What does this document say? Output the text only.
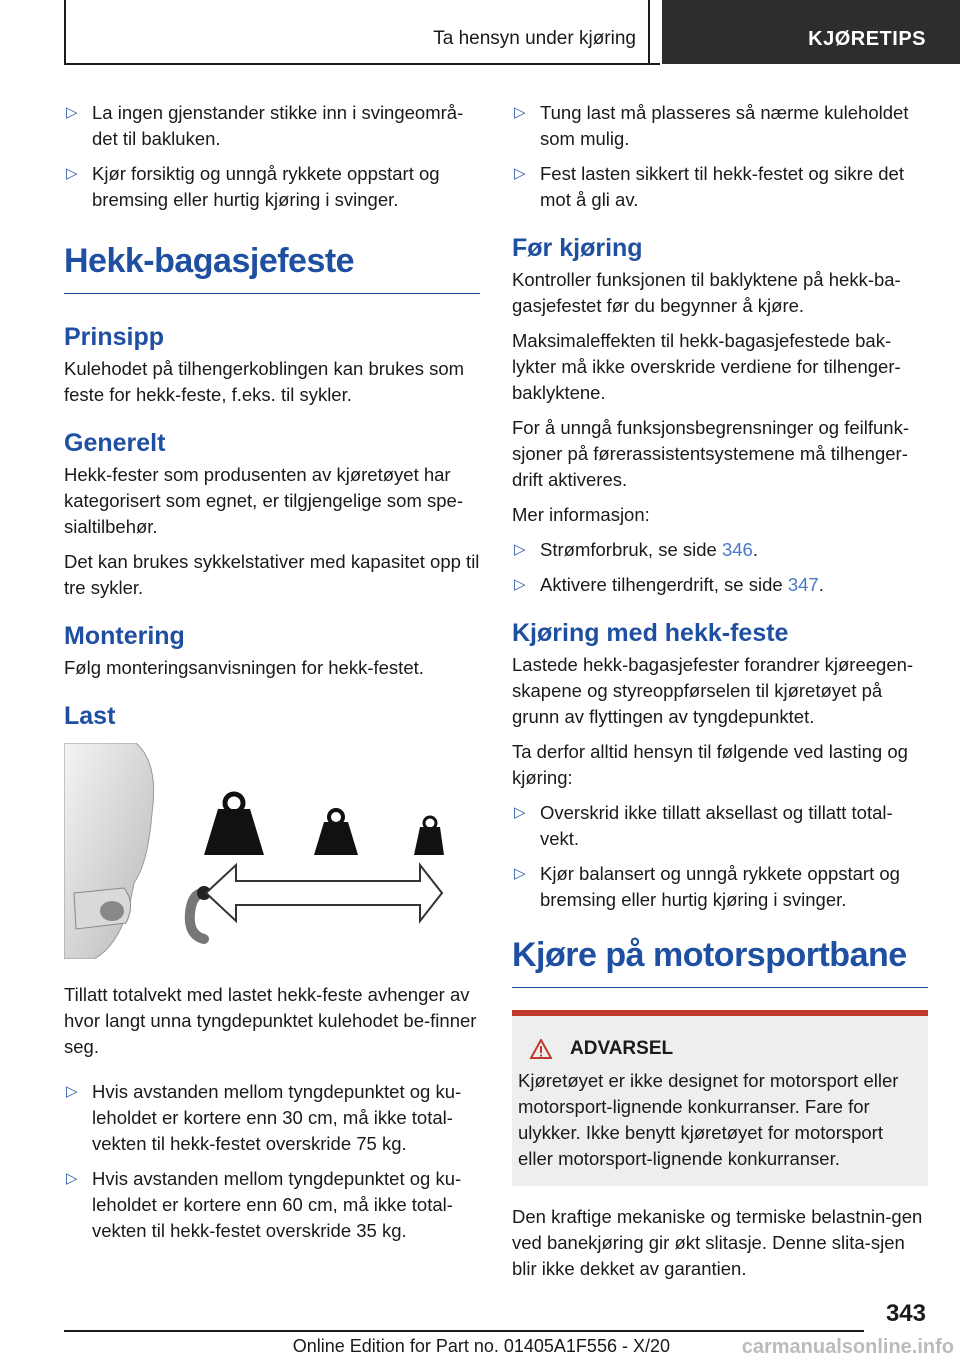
Ta hensyn under kjøring	KJØRETIPS
▷ La ingen gjenstander stikke inn i svingeområ-
det til bakluken.
▷ Kjør forsiktig og unngå rykkete oppstart og
bremsing eller hurtig kjøring i svinger.
Hekk-bagasjefeste
Prinsipp

Kulehodet på tilhengerkoblingen kan brukes som feste for hekk-feste, f.eks. til sykler.

Generelt

Hekk-fester som produsenten av kjøretøyet har kategorisert som egnet, er tilgjengelige som spe-sialtilbehør.

Det kan brukes sykkelstativer med kapasitet opp til tre sykler.

Montering

Følg monteringsanvisningen for hekk-festet.

Last

Tillatt totalvekt med lastet hekk-feste avhenger av hvor langt unna tyngdepunktet kulehodet be-finner seg.

▷ Hvis avstanden mellom tyngdepunktet og ku-leholdet er kortere enn 30 cm, må ikke total-vekten til hekk-festet overskride 75 kg.
▷ Hvis avstanden mellom tyngdepunktet og ku-leholdet er kortere enn 60 cm, må ikke total-vekten til hekk-festet overskride 35 kg.
▷ Tung last må plasseres så nærme kuleholdet som mulig.
▷ Fest lasten sikkert til hekk-festet og sikre det mot å gli av.
Før kjøring

Kontroller funksjonen til baklyktene på hekk-ba-gasjefestet før du begynner å kjøre.

Maksimaleffekten til hekk-bagasjefestede bak-lykter må ikke overskride verdiene for tilhenger-baklyktene.

For å unngå funksjonsbegrensninger og feilfunk-sjoner på førerassistentsystemene må tilhenger-drift aktiveres.

Mer informasjon:

▷ Strømforbruk, se side 346.
▷ Aktivere tilhengerdrift, se side 347.
Kjøring med hekk-feste

Lastede hekk-bagasjefester forandrer kjøreegen-skapene og styreoppførselen til kjøretøyet på grunn av flyttingen av tyngdepunktet.

Ta derfor alltid hensyn til følgende ved lasting og kjøring:

▷ Overskrid ikke tillatt aksellast og tillatt total-vekt.
▷ Kjør balansert og unngå rykkete oppstart og bremsing eller hurtig kjøring i svinger.
Kjøre på motorsportbane
ADVARSEL

Kjøretøyet er ikke designet for motorsport eller motorsport-lignende konkurranser. Fare for ulykker. Ikke benytt kjøretøyet for motorsport eller motorsport-lignende konkurranser.

Den kraftige mekaniske og termiske belastnin-gen ved banekjøring gir økt slitasje. Denne slita-sjen blir ikke dekket av garantien.

343
Online Edition for Part no. 01405A1F556 - X/20	carmanualsonline.info
